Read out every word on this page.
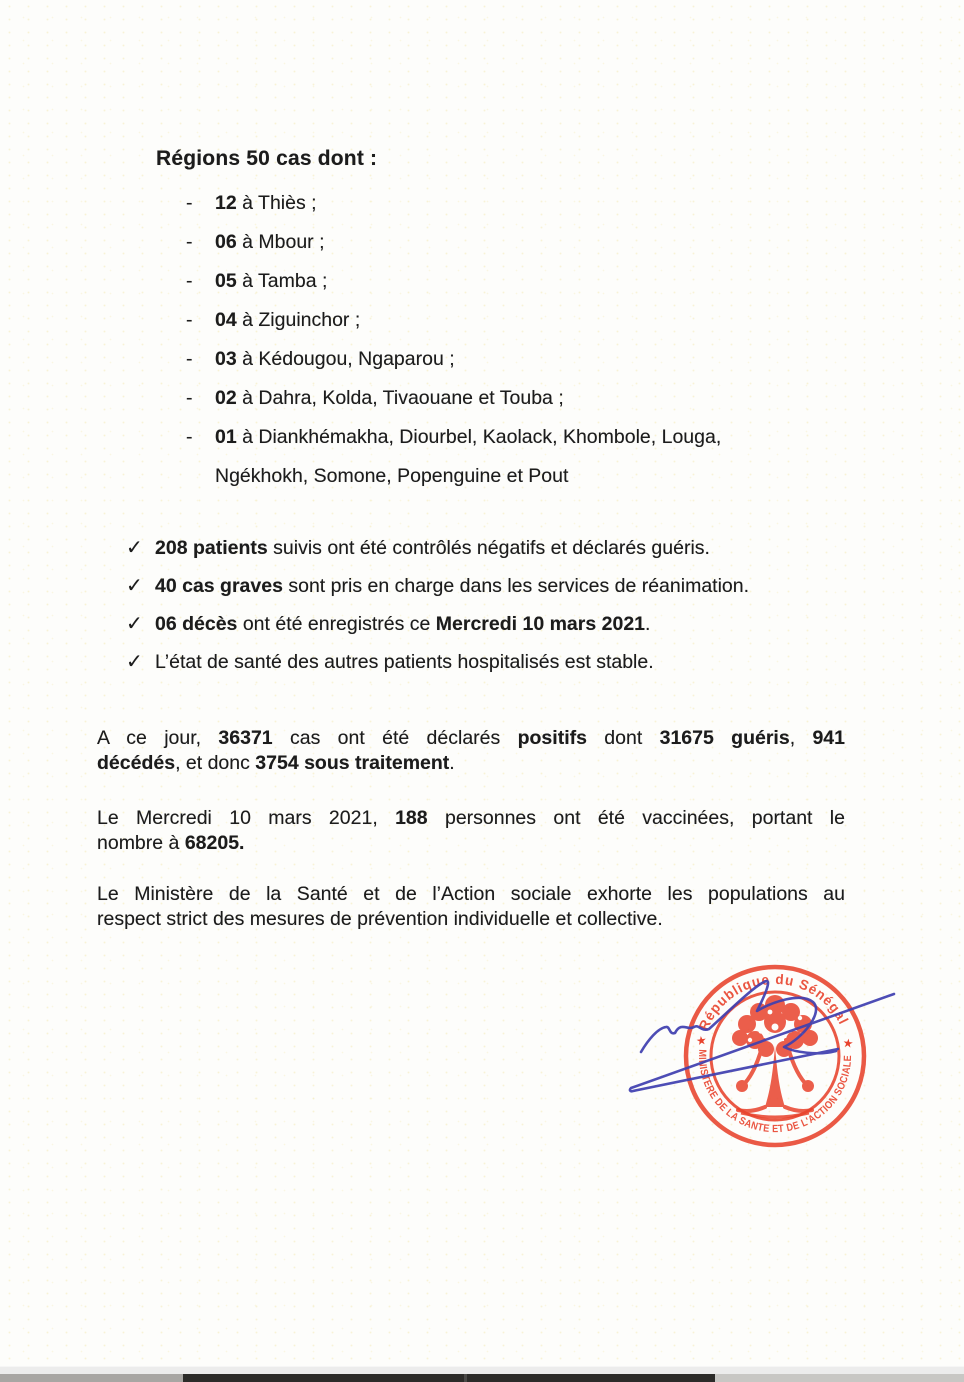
Régions 50 cas dont :
-	12 à Thiès ;
-	06 à Mbour ;
-	05 à Tamba ;
-	04 à Ziguinchor ;
-	03 à Kédougou, Ngaparou ;
-	02 à Dahra, Kolda, Tivaouane et Touba ;
-	01 à Diankhémakha, Diourbel, Kaolack, Khombole, Louga,
Ngékhokh, Somone, Popenguine et Pout
✓ 208 patients suivis ont été contrôlés négatifs et déclarés guéris.
✓ 40 cas graves sont pris en charge dans les services de réanimation.
✓ 06 décès ont été enregistrés ce Mercredi 10 mars 2021.
✓ L’état de santé des autres patients hospitalisés est stable.
A ce jour, 36371 cas ont été déclarés positifs dont 31675 guéris, 941
décédés, et donc 3754 sous traitement.
Le Mercredi 10 mars 2021, 188 personnes ont été vaccinées, portant le
nombre à 68205.
Le Ministère de la Santé et de l’Action sociale exhorte les populations au
respect strict des mesures de prévention individuelle et collective.
République du Sénégal
MINISTERE DE LA SANTE ET DE L'ACTION SOCIALE
★	★
